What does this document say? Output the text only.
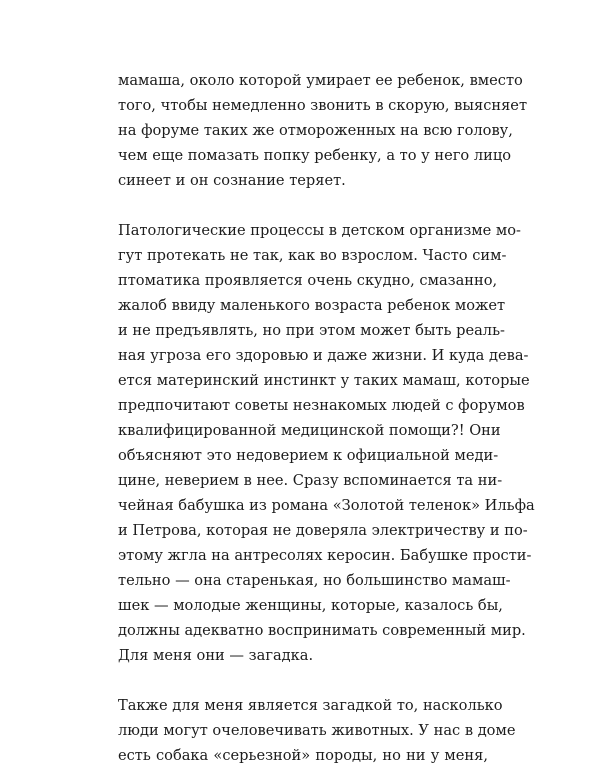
мамаша, около которой умирает ее ребенок, вместо
того, чтобы немедленно звонить в скорую, выясняет
на форуме таких же отмороженных на всю голову,
чем еще помазать попку ребенку, а то у него лицо
синеет и он сознание теряет.

Патологические процессы в детском организме мо-
гут протекать не так, как во взрослом. Часто сим-
птоматика проявляется очень скудно, смазанно,
жалоб ввиду маленького возраста ребенок может
и не предъявлять, но при этом может быть реаль-
ная угроза его здоровью и даже жизни. И куда дева-
ется материнский инстинкт у таких мамаш, которые
предпочитают советы незнакомых людей с форумов
квалифицированной медицинской помощи?! Они
объясняют это недоверием к официальной меди-
цине, неверием в нее. Сразу вспоминается та ни-
чейная бабушка из романа «Золотой теленок» Ильфа
и Петрова, которая не доверяла электричеству и по-
этому жгла на антресолях керосин. Бабушке прости-
тельно — она старенькая, но большинство мамаш-
шек — молодые женщины, которые, казалось бы,
должны адекватно воспринимать современный мир.
Для меня они — загадка.

Также для меня является загадкой то, насколько
люди могут очеловечивать животных. У нас в доме
есть собака «серьезной» породы, но ни у меня,
